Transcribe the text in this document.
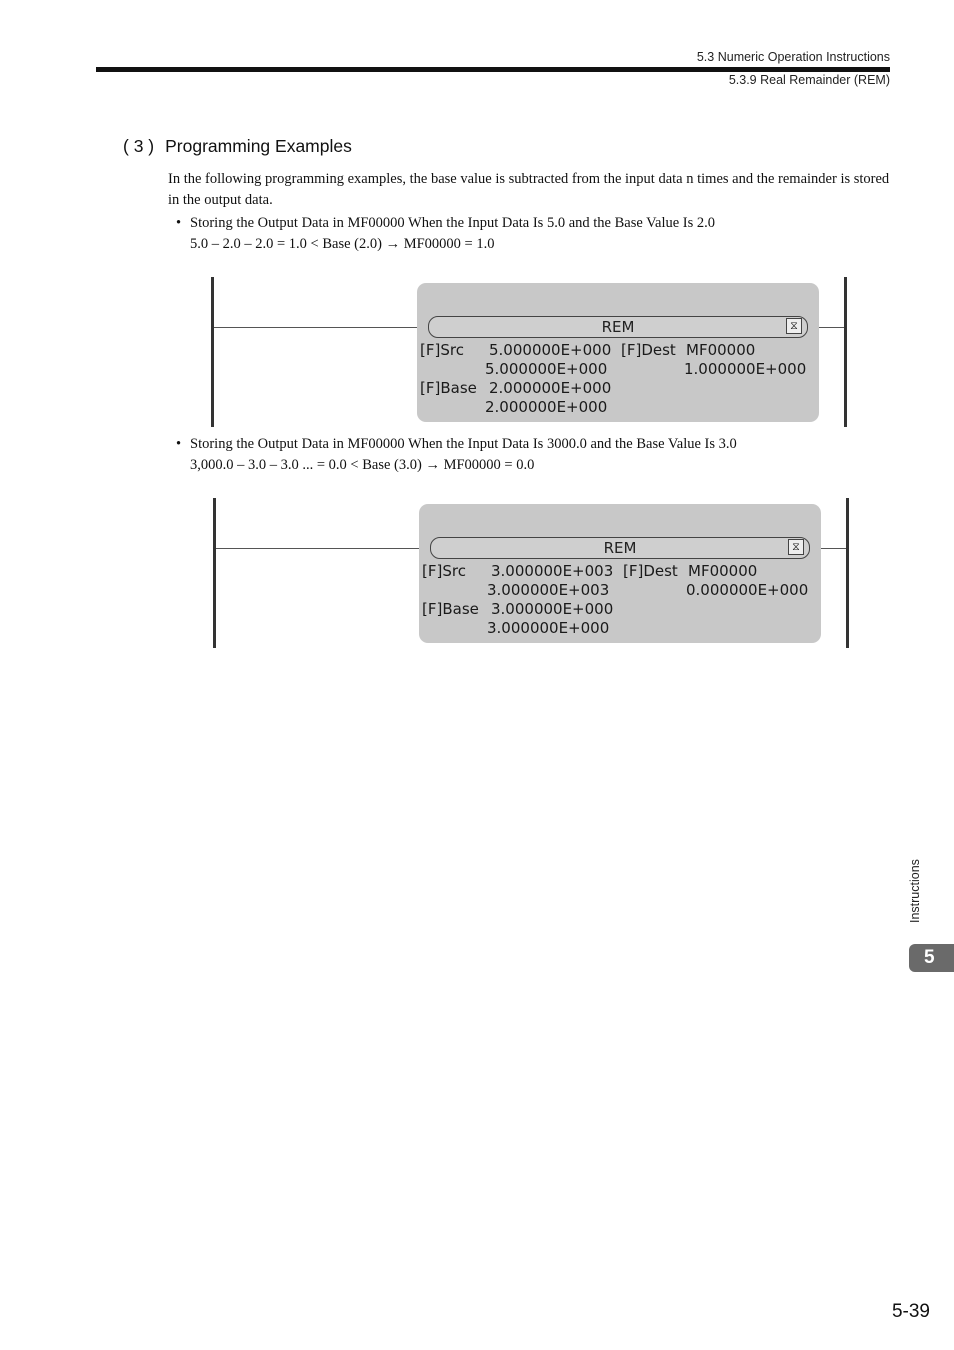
5.3 Numeric Operation Instructions
5.3.9 Real Remainder (REM)
( 3 ) Programming Examples
In the following programming examples, the base value is subtracted from the input data n times and the remainder is stored in the output data.
• Storing the Output Data in MF00000 When the Input Data Is 5.0 and the Base Value Is 2.0
5.0 – 2.0 – 2.0 = 1.0 < Base (2.0) → MF00000 = 1.0
REM	⧖
[F]Src 5.000000E+000 [F]Dest MF00000
5.000000E+000	1.000000E+000
[F]Base 2.000000E+000
2.000000E+000
• Storing the Output Data in MF00000 When the Input Data Is 3000.0 and the Base Value Is 3.0
3,000.0 – 3.0 – 3.0 ... = 0.0 < Base (3.0) → MF00000 = 0.0
REM	⧖
[F]Src 3.000000E+003 [F]Dest MF00000
3.000000E+003	0.000000E+000
[F]Base 3.000000E+000
3.000000E+000
Instructions
5
5-39
